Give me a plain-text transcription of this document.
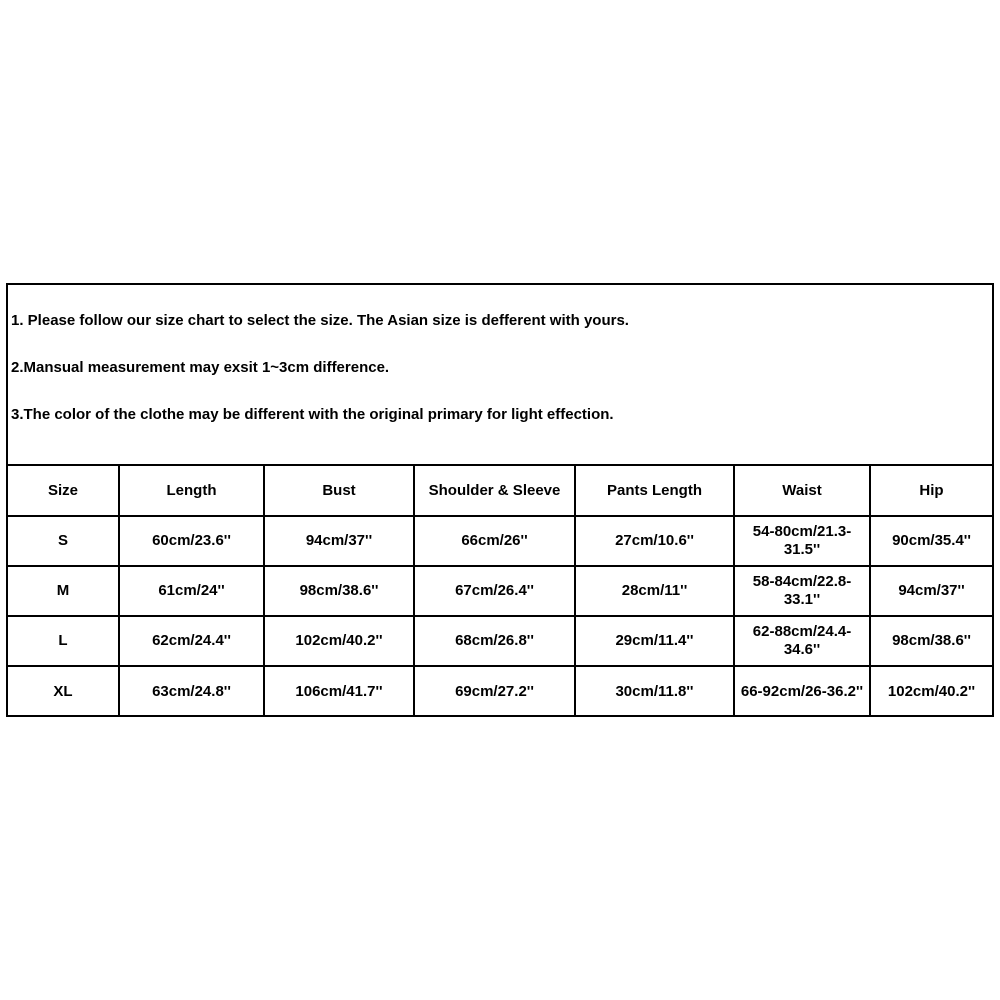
1. Please follow our size chart to select the size. The Asian size is defferent with yours.
2.Mansual measurement may exsit 1~3cm difference.
3.The color of the clothe may be different with the original primary for light effection.
Size	Length	Bust	Shoulder & Sleeve	Pants Length	Waist	Hip
S	60cm/23.6''	94cm/37''	66cm/26''	27cm/10.6''	54-80cm/21.3-31.5''	90cm/35.4''
M	61cm/24''	98cm/38.6''	67cm/26.4''	28cm/11''	58-84cm/22.8-33.1''	94cm/37''
L	62cm/24.4''	102cm/40.2''	68cm/26.8''	29cm/11.4''	62-88cm/24.4-34.6''	98cm/38.6''
XL	63cm/24.8''	106cm/41.7''	69cm/27.2''	30cm/11.8''	66-92cm/26-36.2''	102cm/40.2''
